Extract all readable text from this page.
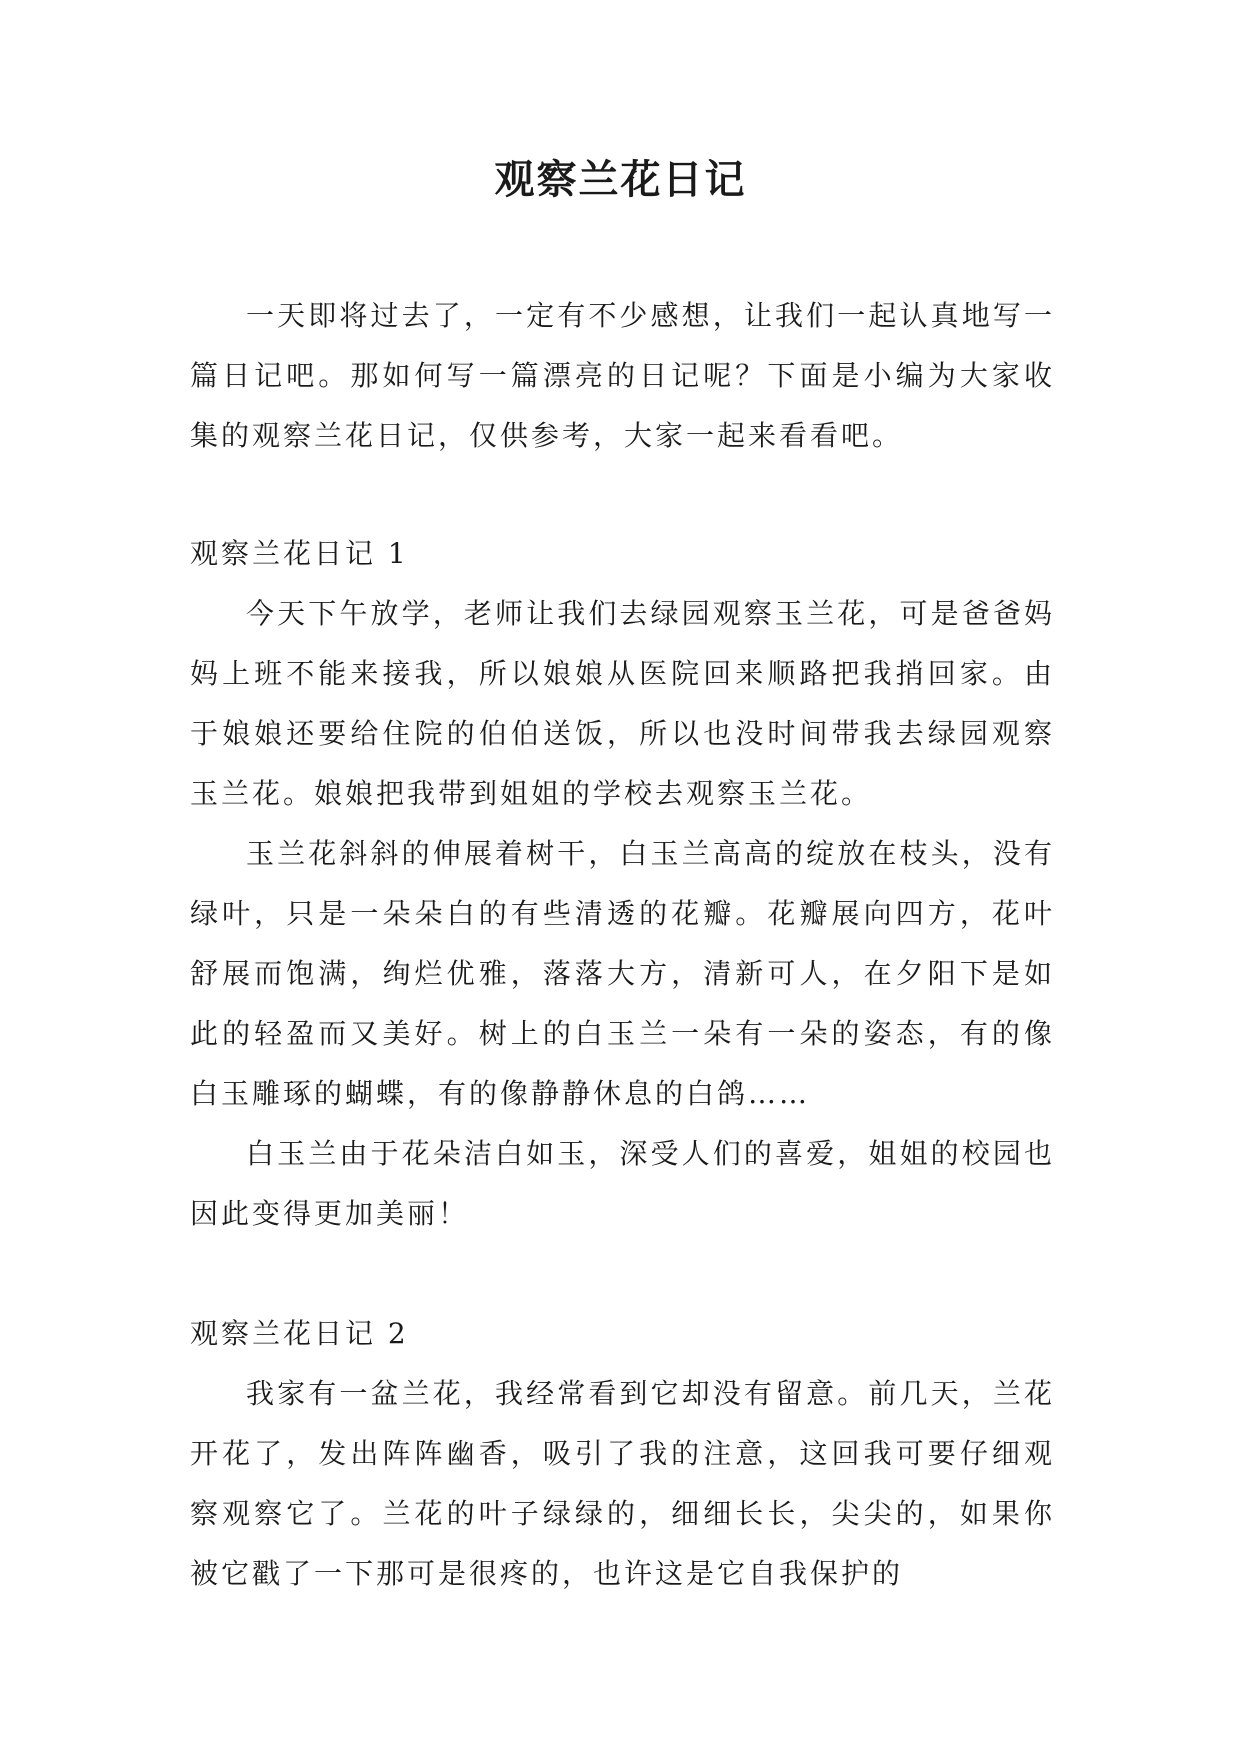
观察兰花日记

一天即将过去了，一定有不少感想，让我们一起认真地写一篇日记吧。那如何写一篇漂亮的日记呢？下面是小编为大家收集的观察兰花日记，仅供参考，大家一起来看看吧。

观察兰花日记 1

今天下午放学，老师让我们去绿园观察玉兰花，可是爸爸妈妈上班不能来接我，所以娘娘从医院回来顺路把我捎回家。由于娘娘还要给住院的伯伯送饭，所以也没时间带我去绿园观察玉兰花。娘娘把我带到姐姐的学校去观察玉兰花。

玉兰花斜斜的伸展着树干，白玉兰高高的绽放在枝头，没有绿叶，只是一朵朵白的有些清透的花瓣。花瓣展向四方，花叶舒展而饱满，绚烂优雅，落落大方，清新可人，在夕阳下是如此的轻盈而又美好。树上的白玉兰一朵有一朵的姿态，有的像白玉雕琢的蝴蝶，有的像静静休息的白鸽……

白玉兰由于花朵洁白如玉，深受人们的喜爱，姐姐的校园也因此变得更加美丽！

观察兰花日记 2

我家有一盆兰花，我经常看到它却没有留意。前几天，兰花开花了，发出阵阵幽香，吸引了我的注意，这回我可要仔细观察观察它了。兰花的叶子绿绿的，细细长长，尖尖的，如果你被它戳了一下那可是很疼的，也许这是它自我保护的
